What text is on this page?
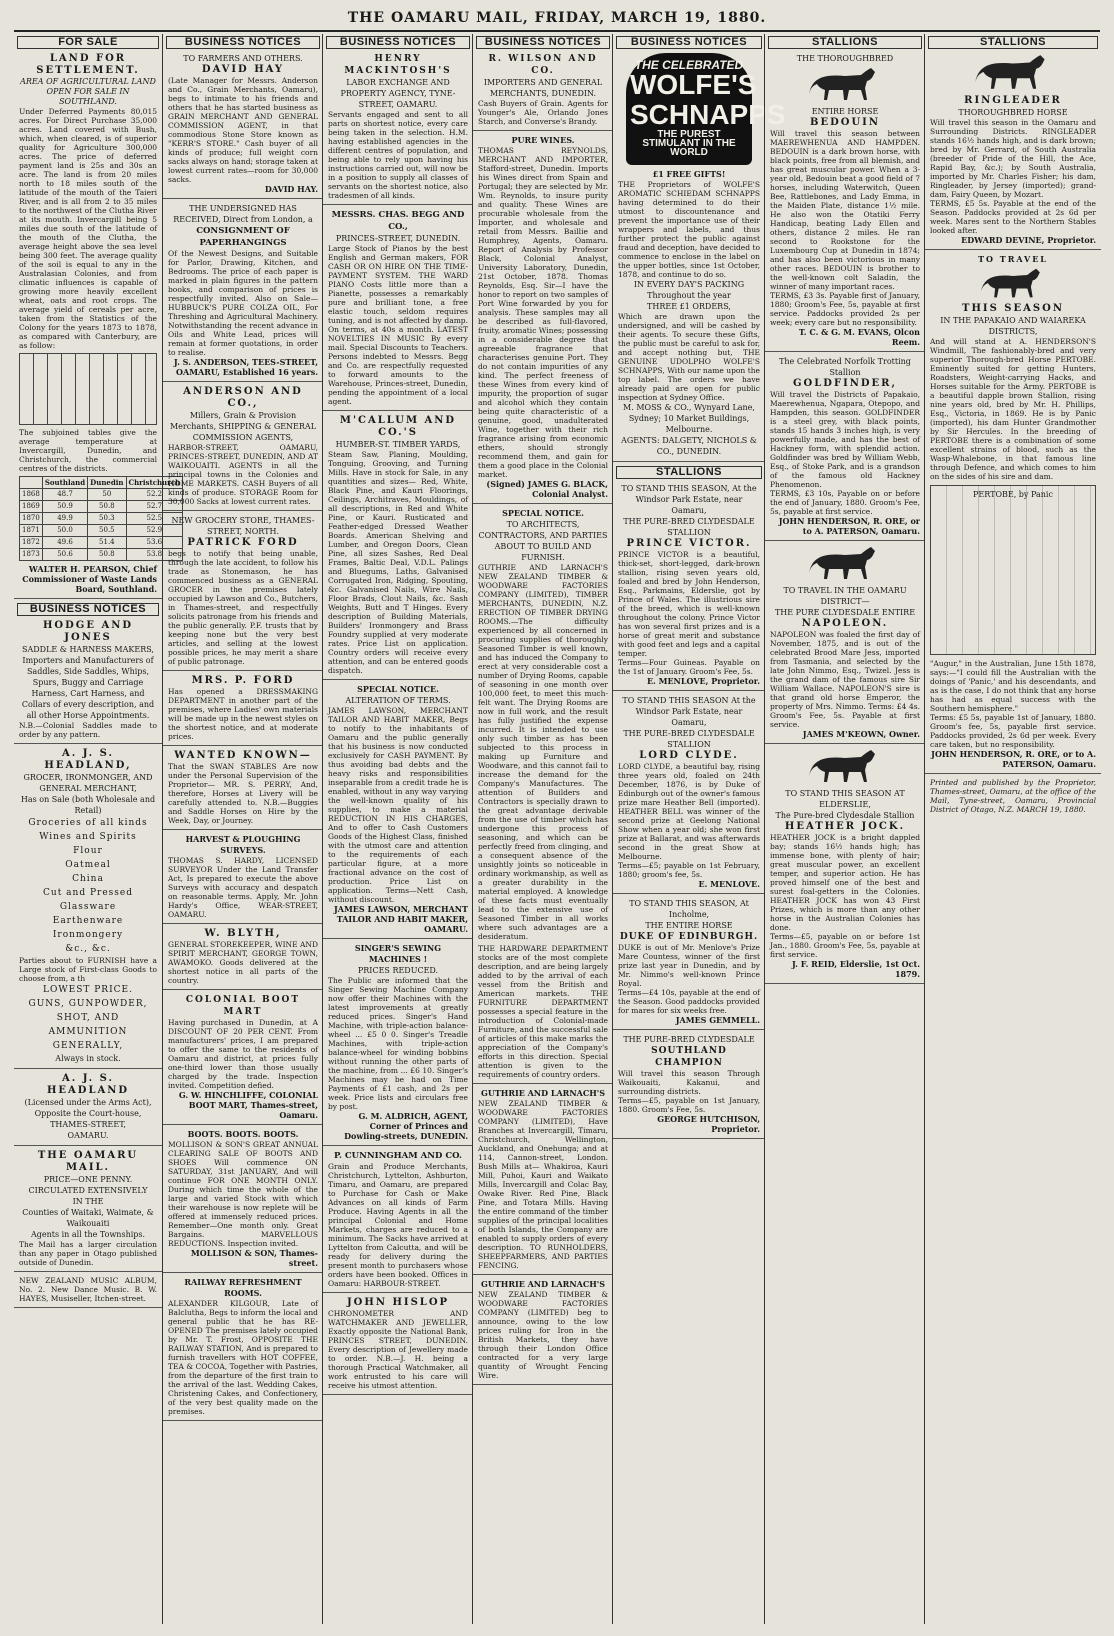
THE OAMARU MAIL, FRIDAY, MARCH 19, 1880.
FOR SALE
LAND FOR SETTLEMENT.
AREA OF AGRICULTURAL LAND OPEN FOR SALE IN SOUTHLAND.
Under Deferred Payments 80,015 acres. For Direct Purchase 35,000 acres. Land covered with Bush, which, when cleared, is of superior quality for Agriculture 300,000 acres. The price of deferred payment land is 25s and 30s an acre. The land is from 20 miles north to 18 miles south of the latitude of the mouth of the Taieri River, and is all from 2 to 35 miles to the northwest of the Clutha River at its mouth. Invercargill being 5 miles due south of the latitude of the mouth of the Clutha, the average height above the sea level being 300 feet. The average quality of the soil is equal to any in the Australasian Colonies, and from climatic influences is capable of growing more heavily excellent wheat, oats and root crops. The average yield of cereals per acre, taken from the Statistics of the Colony for the years 1873 to 1878, as compared with Canterbury, are as follow:
The subjoined tables give the average temperature at Invercargill, Dunedin, and Christchurch, the commercial centres of the districts.
	Southland	Dunedin	Christchurch
1868	48.7	50	52.2
1869	50.9	50.8	52.7
1870	49.9	50.3	52.5
1871	50.0	50.5	52.9
1872	49.6	51.4	53.6
1873	50.6	50.8	53.8
WALTER H. PEARSON, Chief Commissioner of Waste Lands Board, Southland.
BUSINESS NOTICES
HODGE AND JONES
SADDLE & HARNESS MAKERS, Importers and Manufacturers of Saddles, Side Saddles, Whips, Spurs, Buggy and Carriage Harness, Cart Harness, and Collars of every description, and all other Horse Appointments.
N.B.—Colonial Saddles made to order by any pattern.
A. J. S. HEADLAND,
GROCER, IRONMONGER, AND GENERAL MERCHANT,
Has on Sale (both Wholesale and Retail)
Groceries of all kinds
Wines and Spirits
Flour
Oatmeal
China
Cut and Pressed Glassware
Earthenware
Ironmongery
&c., &c.
Parties about to FURNISH have a Large stock of First-class Goods to choose from, a th
LOWEST PRICE.
GUNS, GUNPOWDER, SHOT, AND AMMUNITION GENERALLY,
Always in stock.
A. J. S. HEADLAND
(Licensed under the Arms Act),
Opposite the Court-house,
THAMES-STREET,
OAMARU.
THE OAMARU MAIL.
PRICE—ONE PENNY.
CIRCULATED EXTENSIVELY
IN THE
Counties of Waitaki, Waimate, & Waikouaiti
Agents in all the Townships.
The Mail has a larger circulation than any paper in Otago published outside of Dunedin.
NEW ZEALAND MUSIC ALBUM, No. 2. New Dance Music. B. W. HAYES, Musiseller, Itchen-street.
BUSINESS NOTICES
TO FARMERS AND OTHERS.
DAVID HAY
(Late Manager for Messrs. Anderson and Co., Grain Merchants, Oamaru), begs to intimate to his friends and others that he has started business as GRAIN MERCHANT AND GENERAL COMMISSION AGENT, in that commodious Stone Store known as "KERR'S STORE." Cash buyer of all kinds of produce; full weight corn sacks always on hand; storage taken at lowest current rates—room for 30,000 sacks.
DAVID HAY.
THE UNDERSIGNED HAS RECEIVED, Direct from London, a
CONSIGNMENT OF PAPERHANGINGS
Of the Newest Designs, and Suitable for Parlor, Drawing, Kitchen, and Bedrooms. The price of each paper is marked in plain figures in the pattern books, and comparison of prices is respectfully invited. Also on Sale— HUBBUCK'S PURE COLZA OIL, For Threshing and Agricultural Machinery. Notwithstanding the recent advance in Oils and White Lead, prices will remain at former quotations, in order to realise.
J. S. ANDERSON, TEES-STREET, OAMARU, Established 16 years.
ANDERSON AND CO.,
Millers, Grain & Provision Merchants, SHIPPING & GENERAL COMMISSION AGENTS,
HARBOR-STREET, OAMARU, PRINCES-STREET, DUNEDIN, AND AT WAIKOUAITI. AGENTS in all the principal towns in the Colonies and HOME MARKETS. CASH Buyers of all kinds of produce. STORAGE Room for 30,000 Sacks at lowest current rates.
NEW GROCERY STORE, THAMES-STREET, NORTH.
PATRICK FORD
begs to notify that being unable, through the late accident, to follow his trade as Stonemason, he has commenced business as a GENERAL GROCER in the premises lately occupied by Lawson and Co., Butchers, in Thames-street, and respectfully solicits patronage from his friends and the public generally. P.F. trusts that by keeping none but the very best articles, and selling at the lowest possible prices, he may merit a share of public patronage.
MRS. P. FORD
Has opened a DRESSMAKING DEPARTMENT in another part of the premises, where Ladies' own materials will be made up in the newest styles on the shortest notice, and at moderate prices.
WANTED KNOWN—
That the SWAN STABLES Are now under the Personal Supervision of the Proprietor— MR. S. PERRY, And, therefore, Horses at Livery will be carefully attended to. N.B.—Buggies and Saddle Horses on Hire by the Week, Day, or Journey.
HARVEST & PLOUGHING SURVEYS.
THOMAS S. HARDY, LICENSED SURVEYOR Under the Land Transfer Act, Is prepared to execute the above Surveys with accuracy and despatch on reasonable terms. Apply, Mr. John Hardy's Office, WEAR-STREET, OAMARU.
W. BLYTH,
GENERAL STOREKEEPER, WINE AND SPIRIT MERCHANT, GEORGE TOWN, AWAMOKO. Goods delivered at the shortest notice in all parts of the country.
COLONIAL BOOT MART
Having purchased in Dunedin, at A DISCOUNT OF 20 PER CENT. From manufacturers' prices, I am prepared to offer the same to the residents of Oamaru and district, at prices fully one-third lower than those usually charged by the trade. Inspection invited. Competition defied.
G. W. HINCHLIFFE, COLONIAL BOOT MART, Thames-street, Oamaru.
BOOTS. BOOTS. BOOTS.
MOLLISON & SON'S GREAT ANNUAL CLEARING SALE OF BOOTS AND SHOES Will commence ON SATURDAY, 31st JANUARY, And will continue FOR ONE MONTH ONLY. During which time the whole of the large and varied Stock with which their warehouse is now replete will be offered at immensely reduced prices. Remember—One month only. Great Bargains. MARVELLOUS REDUCTIONS. Inspection invited.
MOLLISON & SON, Thames-street.
RAILWAY REFRESHMENT ROOMS.
ALEXANDER KILGOUR, Late of Balclutha, Begs to inform the local and general public that he has RE-OPENED The premises lately occupied by Mr. T. Frost, OPPOSITE THE RAILWAY STATION, And is prepared to furnish travellers with HOT COFFEE, TEA & COCOA, Together with Pastries, from the departure of the first train to the arrival of the last. Wedding Cakes, Christening Cakes, and Confectionery, of the very best quality made on the premises.
BUSINESS NOTICES
HENRY MACKINTOSH'S
LABOR EXCHANGE AND PROPERTY AGENCY, TYNE-STREET, OAMARU.
Servants engaged and sent to all parts on shortest notice, every care being taken in the selection. H.M. having established agencies in the different centres of population, and being able to rely upon having his instructions carried out, will now be in a position to supply all classes of servants on the shortest notice, also tradesmen of all kinds.
MESSRS. CHAS. BEGG AND CO.,
PRINCES-STREET, DUNEDIN.
Large Stock of Pianos by the best English and German makers, FOR CASH OR ON HIRE ON THE TIME-PAYMENT SYSTEM. THE WARD PIANO Costs little more than a Pianette, possesses a remarkably pure and brilliant tone, a free elastic touch, seldom requires tuning, and is not affected by damp. On terms, at 40s a month. LATEST NOVELTIES IN MUSIC By every mail. Special Discounts to Teachers. Persons indebted to Messrs. Begg and Co. are respectfully requested to forward amounts to the Warehouse, Princes-street, Dunedin, pending the appointment of a local agent.
M'CALLUM AND CO.'S
HUMBER-ST. TIMBER YARDS,
Steam Saw, Planing, Moulding, Tonguing, Grooving, and Turning Mills. Have in stock for Sale, in any quantities and sizes— Red, White, Black Pine, and Kauri Floorings, Ceilings, Architraves, Mouldings, of all descriptions, in Red and White Pine, or Kauri. Rusticated and Feather-edged Dressed Weather Boards. American Shelving and Lumber, and Oregon Doors, Clean Pine, all sizes Sashes, Red Deal Frames, Baltic Deal, V.D.L. Palings and Bluegums, Laths, Galvanised Corrugated Iron, Ridging, Spouting, &c. Galvanised Nails, Wire Nails, Floor Brads, Clout Nails, &c. Sash Weights, Butt and T Hinges. Every description of Building Materials, Builders' Ironmongery and Brass Foundry supplied at very moderate rates. Price List on application. Country orders will receive every attention, and can be entered goods dispatch.
SPECIAL NOTICE.
ALTERATION OF TERMS.
JAMES LAWSON, MERCHANT TAILOR AND HABIT MAKER, Begs to notify to the inhabitants of Oamaru and the public generally that his business is now conducted exclusively for CASH PAYMENT. By thus avoiding bad debts and the heavy risks and responsibilities inseparable from a credit trade he is enabled, without in any way varying the well-known quality of his supplies, to make a material REDUCTION IN HIS CHARGES, And to offer to Cash Customers Goods of the Highest Class, finished with the utmost care and attention to the requirements of each particular figure, at a more fractional advance on the cost of production. Price List on application. Terms—Nett Cash, without discount.
JAMES LAWSON, MERCHANT TAILOR AND HABIT MAKER, OAMARU.
SINGER'S SEWING MACHINES !
PRICES REDUCED.
The Public are informed that the Singer Sewing Machine Company now offer their Machines with the latest improvements at greatly reduced prices. Singer's Hand Machine, with triple-action balance-wheel ... £5 0 0. Singer's Treadle Machines, with triple-action balance-wheel for winding bobbins without running the other parts of the machine, from ... £6 10. Singer's Machines may be had on Time Payments of £1 cash, and 2s per week. Price lists and circulars free by post.
G. M. ALDRICH, AGENT, Corner of Princes and Dowling-streets, DUNEDIN.
P. CUNNINGHAM AND CO.
Grain and Produce Merchants, Christchurch, Lyttelton, Ashburton, Timaru, and Oamaru, are prepared to Purchase for Cash or Make Advances on all kinds of Farm Produce. Having Agents in all the principal Colonial and Home Markets, charges are reduced to a minimum. The Sacks have arrived at Lyttelton from Calcutta, and will be ready for delivery during the present month to purchasers whose orders have been booked. Offices in Oamaru: HARBOUR-STREET.
JOHN HISLOP
CHRONOMETER AND WATCHMAKER AND JEWELLER, Exactly opposite the National Bank, PRINCES STREET, DUNEDIN. Every description of Jewellery made to order. N.B.—J. H. being a thorough Practical Watchmaker, all work entrusted to his care will receive his utmost attention.
BUSINESS NOTICES
R. WILSON AND CO.
IMPORTERS AND GENERAL MERCHANTS, DUNEDIN.
Cash Buyers of Grain. Agents for Younger's Ale, Orlando Jones Starch, and Converse's Brandy.
PURE WINES.
THOMAS REYNOLDS, MERCHANT AND IMPORTER, Stafford-street, Dunedin. Imports his Wines direct from Spain and Portugal; they are selected by Mr. Wm. Reynolds, to insure purity and quality. These Wines are procurable wholesale from the Importer, and wholesale and retail from Messrs. Baillie and Humphrey, Agents, Oamaru. Report of Analysis by Professor Black, Colonial Analyst, University Laboratory, Dunedin, 21st October, 1878. Thomas Reynolds, Esq. Sir—I have the honor to report on two samples of Port Wine forwarded by you for analysis. These samples may all be described as full-flavored, fruity, aromatic Wines; possessing in a considerable degree that agreeable fragrance that characterises genuine Port. They do not contain impurities of any kind. The perfect freeness of these Wines from every kind of impurity, the proportion of sugar and alcohol which they contain being quite characteristic of a genuine, good, unadulterated Wine, together with their rich fragrance arising from economic ethers, should strongly recommend them, and gain for them a good place in the Colonial market.
(Signed) JAMES G. BLACK, Colonial Analyst.
SPECIAL NOTICE.
TO ARCHITECTS, CONTRACTORS, AND PARTIES ABOUT TO BUILD AND FURNISH.
GUTHRIE AND LARNACH'S NEW ZEALAND TIMBER & WOODWARE FACTORIES COMPANY (LIMITED), TIMBER MERCHANTS, DUNEDIN, N.Z. ERECTION OF TIMBER DRYING ROOMS.—The difficulty experienced by all concerned in procuring supplies of thoroughly Seasoned Timber is well known, and has induced the Company to erect at very considerable cost a number of Drying Rooms, capable of seasoning in one month over 100,000 feet, to meet this much-felt want. The Drying Rooms are now in full work, and the result has fully justified the expense incurred. It is intended to use only such timber as has been subjected to this process in making up Furniture and Woodware, and this cannot fail to increase the demand for the Company's Manufactures. The attention of Builders and Contractors is specially drawn to the great advantage derivable from the use of timber which has undergone this process of seasoning, and which can be perfectly freed from clinging, and a consequent absence of the unsightly joints so noticeable in ordinary workmanship, as well as a greater durability in the material employed. A knowledge of these facts must eventually lead to the extensive use of Seasoned Timber in all works where such advantages are a desideratum.
THE HARDWARE DEPARTMENT stocks are of the most complete description, and are being largely added to by the arrival of each vessel from the British and American markets. THE FURNITURE DEPARTMENT possesses a special feature in the introduction of Colonial-made Furniture, and the successful sale of articles of this make marks the appreciation of the Company's efforts in this direction. Special attention is given to the requirements of country orders.
GUTHRIE AND LARNACH'S
NEW ZEALAND TIMBER & WOODWARE FACTORIES COMPANY (LIMITED), Have Branches at Invercargill, Timaru, Christchurch, Wellington, Auckland, and Onehunga; and at 114, Cannon-street, London. Bush Mills at— Whakiroa, Kauri Mill, Puhoi, Kauri and Waikato Mills, Invercargill and Colac Bay, Owake River. Red Pine, Black Pine, and Totara Mills. Having the entire command of the timber supplies of the principal localities of both Islands, the Company are enabled to supply orders of every description. TO RUNHOLDERS, SHEEPFARMERS, AND PARTIES FENCING.
GUTHRIE AND LARNACH'S
NEW ZEALAND TIMBER & WOODWARE FACTORIES COMPANY (LIMITED) beg to announce, owing to the low prices ruling for Iron in the British Markets, they have through their London Office contracted for a very large quantity of Wrought Fencing Wire.
BUSINESS NOTICES
THE CELEBRATED
WOLFE'S SCHNAPPS
THE PUREST STIMULANT IN THE WORLD
£1 FREE GIFTS!
THE Proprietors of WOLFE'S AROMATIC SCHIEDAM SCHNAPPS having determined to do their utmost to discountenance and prevent the importance use of their wrappers and labels, and thus further protect the public against fraud and deception, have decided to commence to enclose in the label on the upper bottles, since 1st October, 1878, and continue to do so.
IN EVERY DAY'S PACKING
Throughout the year
THREE £1 ORDERS,
Which are drawn upon the undersigned, and will be cashed by their agents. To secure these Gifts, the public must be careful to ask for, and accept nothing but, THE GENUINE UDOLPHO WOLFE'S SCHNAPPS, With our name upon the top label. The orders we have already paid are open for public inspection at Sydney Office.
M. MOSS & CO., Wynyard Lane, Sydney; 10 Market Buildings, Melbourne.
AGENTS: DALGETY, NICHOLS & CO., DUNEDIN.
STALLIONS
TO STAND THIS SEASON, At the Windsor Park Estate, near Oamaru,
THE PURE-BRED CLYDESDALE STALLION
PRINCE VICTOR.
PRINCE VICTOR is a beautiful, thick-set, short-legged, dark-brown stallion, rising seven years old, foaled and bred by John Henderson, Esq., Parkmains, Elderslie, got by Prince of Wales. The illustrious sire of the breed, which is well-known throughout the colony. Prince Victor has won several first prizes and is a horse of great merit and substance with good feet and legs and a capital temper.
Terms—Four Guineas. Payable on the 1st of January. Groom's Fee, 5s.
E. MENLOVE, Proprietor.
TO STAND THIS SEASON At the Windsor Park Estate, near Oamaru,
THE PURE-BRED CLYDESDALE STALLION
LORD CLYDE.
LORD CLYDE, a beautiful bay, rising three years old, foaled on 24th December, 1876, is by Duke of Edinburgh out of the owner's famous prize mare Heather Bell (imported). HEATHER BELL was winner of the second prize at Geelong National Show when a year old; she won first prize at Ballarat, and was afterwards second in the great Show at Melbourne.
Terms—£5; payable on 1st February, 1880; groom's fee, 5s.
E. MENLOVE.
TO STAND THIS SEASON, At Incholme,
THE ENTIRE HORSE
DUKE OF EDINBURGH.
DUKE is out of Mr. Menlove's Prize Mare Countess, winner of the first prize last year in Dunedin, and by Mr. Nimmo's well-known Prince Royal.
Terms—£4 10s, payable at the end of the Season. Good paddocks provided for mares for six weeks free.
JAMES GEMMELL.
THE PURE-BRED CLYDESDALE
SOUTHLAND CHAMPION
Will travel this season Through Waikouaiti, Kakanui, and surrounding districts.
Terms—£5, payable on 1st January, 1880. Groom's Fee, 5s.
GEORGE HUTCHISON, Proprietor.
STALLIONS
THE THOROUGHBRED
ENTIRE HORSE
BEDOUIN
Will travel this season between MAEREWHENUA AND HAMPDEN. BEDOUIN is a dark brown horse, with black points, free from all blemish, and has great muscular power. When a 3-year old, Bedouin beat a good field of 7 horses, including Waterwitch, Queen Bee, Rattlebones, and Lady Emma, in the Maiden Plate, distance 1½ mile. He also won the Otatiki Ferry Handicap, beating Lady Ellen and others, distance 2 miles. He ran second to Rookstone for the Luxembourg Cup at Dunedin in 1874; and has also been victorious in many other races. BEDOUIN is brother to the well-known colt Saladin, the winner of many important races.
TERMS, £3 3s. Payable first of January, 1880; Groom's Fee, 5s, payable at first service. Paddocks provided 2s per week; every care but no responsibility.
T. C. & G. M. EVANS, Olcon Reem.
The Celebrated Norfolk Trotting Stallion
GOLDFINDER,
Will travel the Districts of Papakaio, Maerewhenua, Ngapara, Otepopo, and Hampden, this season. GOLDFINDER is a steel grey, with black points, stands 15 hands 3 inches high, is very powerfully made, and has the best of Hackney form, with splendid action. Goldfinder was bred by William Webb, Esq., of Stoke Park, and is a grandson of the famous old Hackney Phenomenon.
TERMS, £3 10s, Payable on or before the end of January, 1880. Groom's Fee, 5s, payable at first service.
JOHN HENDERSON, R. ORE, or to A. PATERSON, Oamaru.
TO TRAVEL IN THE OAMARU DISTRICT—
THE PURE CLYDESDALE ENTIRE
NAPOLEON.
NAPOLEON was foaled the first day of November, 1875, and is out of the celebrated Brood Mare Jess, imported from Tasmania, and selected by the late John Nimmo, Esq., Twizel. Jess is the grand dam of the famous sire Sir William Wallace. NAPOLEON'S sire is that grand old horse Emperor, the property of Mrs. Nimmo. Terms: £4 4s. Groom's Fee, 5s. Payable at first service.
JAMES M'KEOWN, Owner.
TO STAND THIS SEASON AT ELDERSLIE,
The Pure-bred Clydesdale Stallion
HEATHER JOCK.
HEATHER JOCK is a bright dappled bay; stands 16½ hands high; has immense bone, with plenty of hair; great muscular power, an excellent temper, and superior action. He has proved himself one of the best and surest foal-getters in the Colonies. HEATHER JOCK has won 43 First Prizes, which is more than any other horse in the Australian Colonies has done.
Terms—£5, payable on or before 1st Jan., 1880. Groom's Fee, 5s, payable at first service.
J. F. REID, Elderslie, 1st Oct. 1879.
STALLIONS
RINGLEADER
THOROUGHBRED HORSE
Will travel this season in the Oamaru and Surrounding Districts. RINGLEADER stands 16½ hands high, and is dark brown; bred by Mr. Gerrard, of South Australia (breeder of Pride of the Hill, the Ace, Rapid Bay, &c.); by South Australia, imported by Mr. Charles Fisher; his dam, Ringleader, by Jersey (imported); grand-dam, Fairy Queen, by Mozart.
TERMS, £5 5s. Payable at the end of the Season. Paddocks provided at 2s 6d per week. Mares sent to the Northern Stables looked after.
EDWARD DEVINE, Proprietor.
TO TRAVEL
THIS SEASON
IN THE PAPAKAIO AND WAIAREKA DISTRICTS,
And will stand at A. HENDERSON'S Windmill, The fashionably-bred and very superior Thorough-bred Horse PERTOBE. Eminently suited for getting Hunters, Roadsters, Weight-carrying Hacks, and Horses suitable for the Army. PERTOBE is a beautiful dapple brown Stallion, rising nine years old, bred by Mr. H. Phillips, Esq., Victoria, in 1869. He is by Panic (imported), his dam Hunter Grandmother by Sir Hercules. In the breeding of PERTOBE there is a combination of some excellent strains of blood, such as the Wasp-Whalebone, in that famous line through Defence, and which comes to him on the sides of his sire and dam.
PERTOBE, by Panic
"Augur," in the Australian, June 15th 1878, says:—"I could fill the Australian with the doings of 'Panic,' and his descendants, and as is the case, I do not think that any horse has had as equal success with the Southern hemisphere."
Terms: £5 5s, payable 1st of January, 1880. Groom's fee, 5s, payable first service. Paddocks provided, 2s 6d per week. Every care taken, but no responsibility.
JOHN HENDERSON, R. ORE, or to A. PATERSON, Oamaru.
Printed and published by the Proprietor, Thames-street, Oamaru, at the office of the Mail, Tyne-street, Oamaru, Provincial District of Otago, N.Z. MARCH 19, 1880.
